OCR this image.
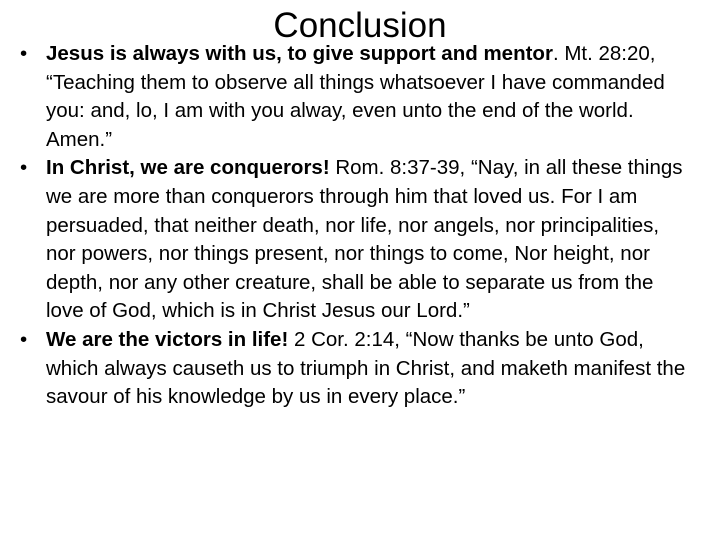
Conclusion
• Jesus is always with us, to give support and mentor. Mt. 28:20, “Teaching them to observe all things whatsoever I have commanded you: and, lo, I am with you alway, even unto the end of the world. Amen.”
• In Christ, we are conquerors! Rom. 8:37-39, “Nay, in all these things we are more than conquerors through him that loved us. For I am persuaded, that neither death, nor life, nor angels, nor principalities, nor powers, nor things present, nor things to come, Nor height, nor depth, nor any other creature, shall be able to separate us from the love of God, which is in Christ Jesus our Lord.”
• We are the victors in life! 2 Cor. 2:14, “Now thanks be unto God, which always causeth us to triumph in Christ, and maketh manifest the savour of his knowledge by us in every place.”
